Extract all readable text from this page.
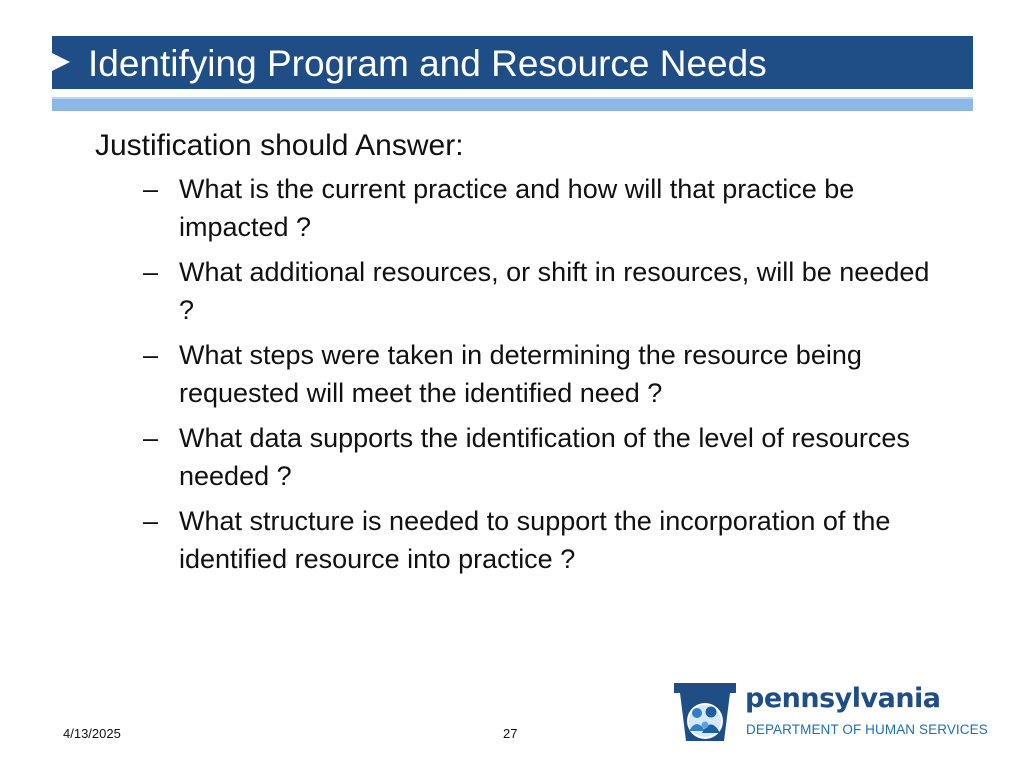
Identifying Program and Resource Needs
Justification should Answer:
– What is the current practice and how will that practice be impacted ?
– What additional resources, or shift in resources, will be needed ?
– What steps were taken in determining the resource being requested will meet the identified need ?
– What data supports the identification of the level of resources needed ?
– What structure is needed to support the incorporation of the identified resource into practice ?
4/13/2025	27
pennsylvania
DEPARTMENT OF HUMAN SERVICES
